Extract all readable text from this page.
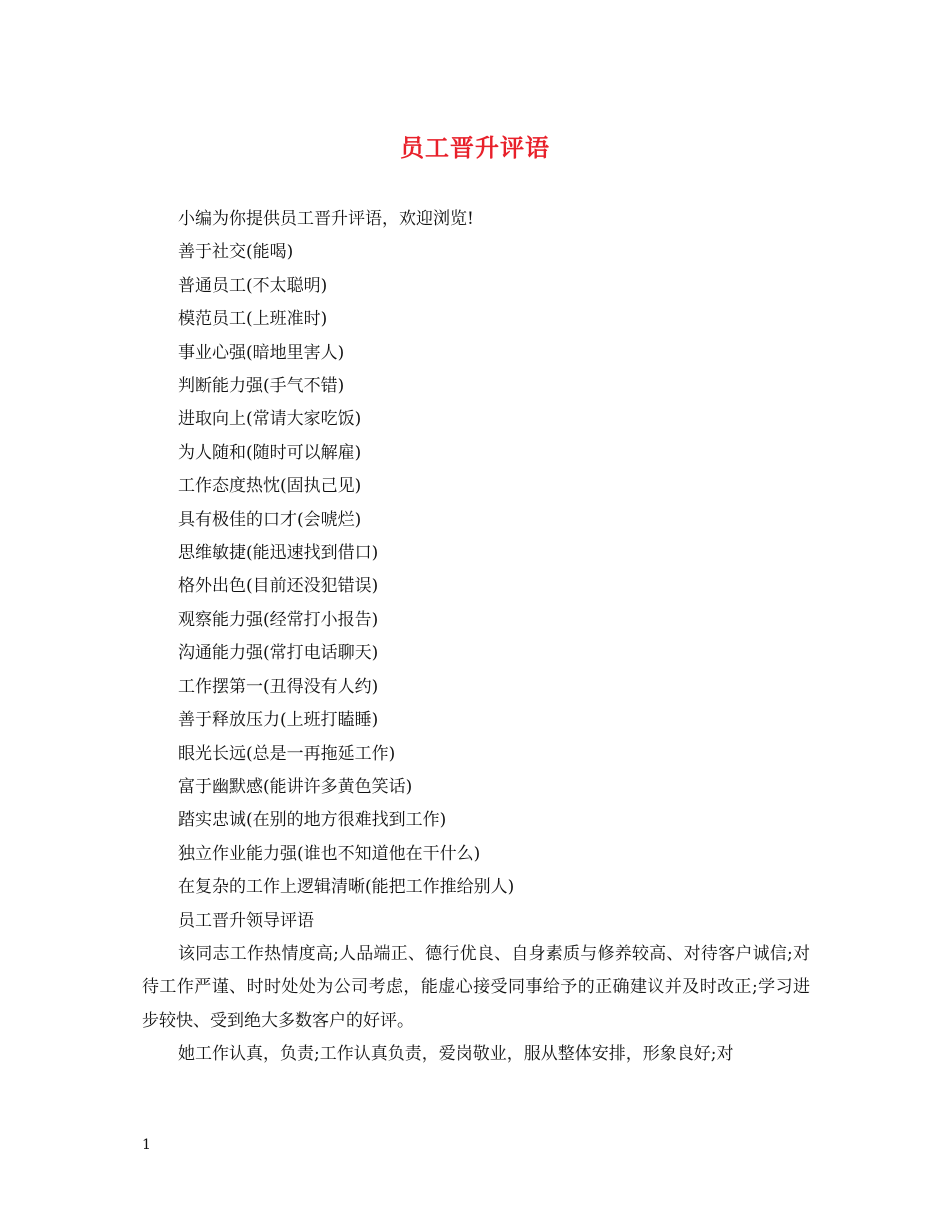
员工晋升评语
小编为你提供员工晋升评语，欢迎浏览!
善于社交(能喝)
普通员工(不太聪明)
模范员工(上班准时)
事业心强(暗地里害人)
判断能力强(手气不错)
进取向上(常请大家吃饭)
为人随和(随时可以解雇)
工作态度热忱(固执己见)
具有极佳的口才(会唬烂)
思维敏捷(能迅速找到借口)
格外出色(目前还没犯错误)
观察能力强(经常打小报告)
沟通能力强(常打电话聊天)
工作摆第一(丑得没有人约)
善于释放压力(上班打瞌睡)
眼光长远(总是一再拖延工作)
富于幽默感(能讲许多黄色笑话)
踏实忠诚(在别的地方很难找到工作)
独立作业能力强(谁也不知道他在干什么)
在复杂的工作上逻辑清晰(能把工作推给别人)
员工晋升领导评语
该同志工作热情度高;人品端正、德行优良、自身素质与修养较高、对待客户诚信;对待工作严谨、时时处处为公司考虑，能虚心接受同事给予的正确建议并及时改正;学习进步较快、受到绝大多数客户的好评。
她工作认真，负责;工作认真负责，爱岗敬业，服从整体安排，形象良好;对
1
